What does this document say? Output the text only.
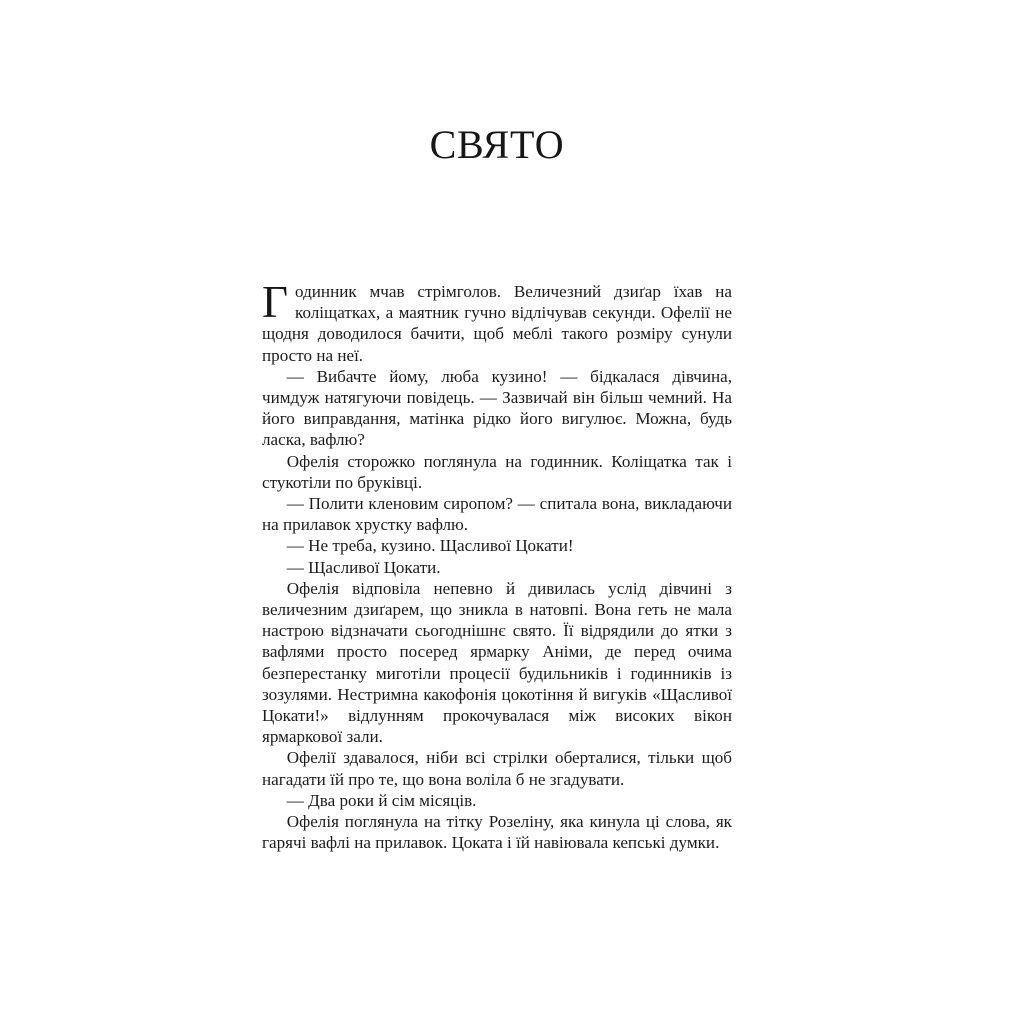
СВЯТО

Годинник мчав стрімголов. Величезний дзиґар їхав на коліщатках, а маятник гучно відлічував секунди. Офелії не щодня доводилося бачити, щоб меблі такого розміру сунули просто на неї.

— Вибачте йому, люба кузино! — бідкалася дівчина, чимдуж натягуючи повідець. — Зазвичай він більш чемний. На його виправдання, матінка рідко його вигулює. Можна, будь ласка, вафлю?

Офелія сторожко поглянула на годинник. Коліщатка так і стукотіли по бруківці.

— Полити кленовим сиропом? — спитала вона, викладаючи на прилавок хрустку вафлю.

— Не треба, кузино. Щасливої Цокати!

— Щасливої Цокати.

Офелія відповіла непевно й дивилась услід дівчині з величезним дзиґарем, що зникла в натовпі. Вона геть не мала настрою відзначати сьогоднішнє свято. Її відрядили до ятки з вафлями просто посеред ярмарку Аніми, де перед очима безперестанку миготіли процесії будильників і годинників із зозулями. Нестримна какофонія цокотіння й вигуків «Щасливої Цокати!» відлунням прокочувалася між високих вікон ярмаркової зали.

Офелії здавалося, ніби всі стрілки оберталися, тільки щоб нагадати їй про те, що вона воліла б не згадувати.

— Два роки й сім місяців.

Офелія поглянула на тітку Розеліну, яка кинула ці слова, як гарячі вафлі на прилавок. Цоката і їй навіювала кепські думки.
